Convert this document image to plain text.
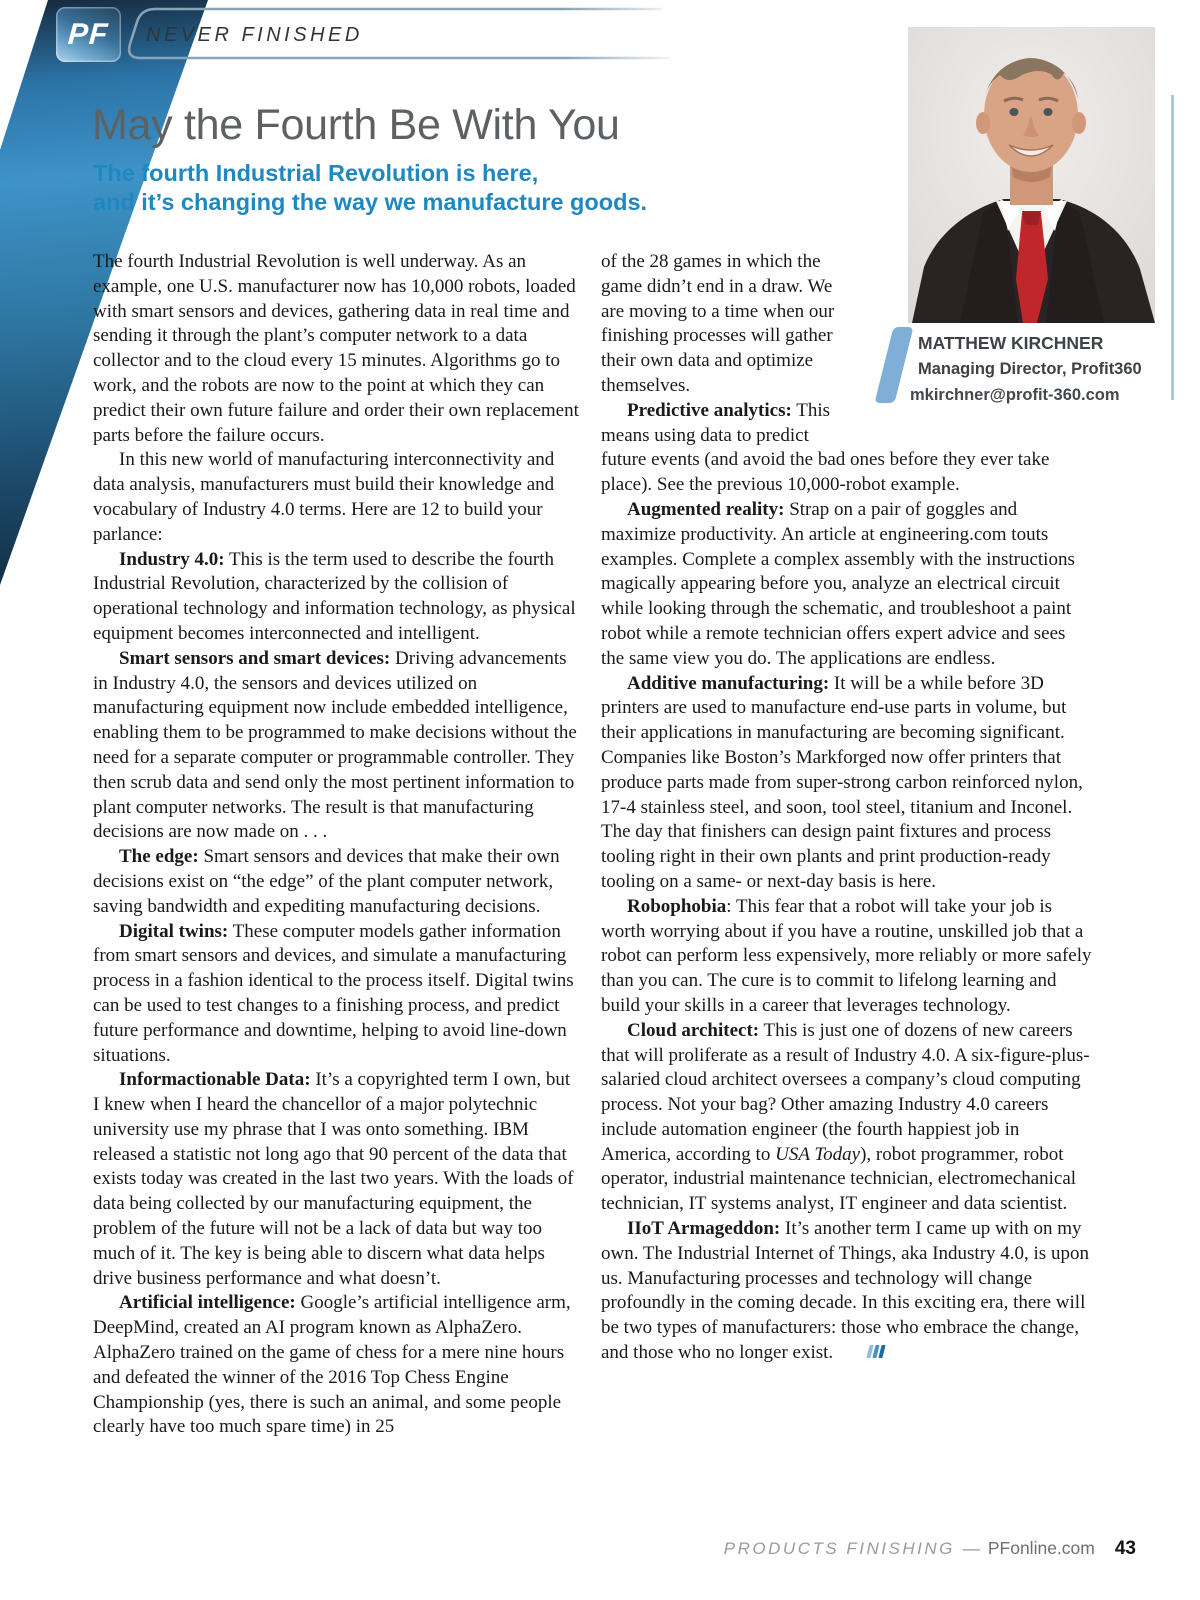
PF NEVER FINISHED
May the Fourth Be With You
The fourth Industrial Revolution is here,
and it’s changing the way we manufacture goods.
MATTHEW KIRCHNER
Managing Director, Profit360
mkirchner@profit-360.com

The fourth Industrial Revolution is well underway. As an example, one U.S. manufacturer now has 10,000 robots, loaded with smart sensors and devices, gathering data in real time and sending it through the plant’s computer network to a data collector and to the cloud every 15 minutes. Algorithms go to work, and the robots are now to the point at which they can predict their own future failure and order their own replacement parts before the failure occurs.

In this new world of manufacturing interconnectivity and data analysis, manufacturers must build their knowledge and vocabulary of Industry 4.0 terms. Here are 12 to build your parlance:

Industry 4.0: This is the term used to describe the fourth Industrial Revolution, characterized by the collision of operational technology and information technology, as physical equipment becomes interconnected and intelligent.

Smart sensors and smart devices: Driving advancements in Industry 4.0, the sensors and devices utilized on manufacturing equipment now include embedded intelligence, enabling them to be programmed to make decisions without the need for a separate computer or programmable controller. They then scrub data and send only the most pertinent information to plant computer networks. The result is that manufacturing decisions are now made on . . .

The edge: Smart sensors and devices that make their own decisions exist on “the edge” of the plant computer network, saving bandwidth and expediting manufacturing decisions.

Digital twins: These computer models gather information from smart sensors and devices, and simulate a manufacturing process in a fashion identical to the process itself. Digital twins can be used to test changes to a finishing process, and predict future performance and downtime, helping to avoid line-down situations.

Informactionable Data: It’s a copyrighted term I own, but I knew when I heard the chancellor of a major polytechnic university use my phrase that I was onto something. IBM released a statistic not long ago that 90 percent of the data that exists today was created in the last two years. With the loads of data being collected by our manufacturing equipment, the problem of the future will not be a lack of data but way too much of it. The key is being able to discern what data helps drive business performance and what doesn’t.

Artificial intelligence: Google’s artificial intelligence arm, DeepMind, created an AI program known as AlphaZero. AlphaZero trained on the game of chess for a mere nine hours and defeated the winner of the 2016 Top Chess Engine Championship (yes, there is such an animal, and some people clearly have too much spare time) in 25

of the 28 games in which the game didn’t end in a draw. We are moving to a time when our finishing processes will gather their own data and optimize themselves.

Predictive analytics: This means using data to predict future events (and avoid the bad ones before they ever take place). See the previous 10,000-robot example.

Augmented reality: Strap on a pair of goggles and maximize productivity. An article at engineering.com touts examples. Complete a complex assembly with the instructions magically appearing before you, analyze an electrical circuit while looking through the schematic, and troubleshoot a paint robot while a remote technician offers expert advice and sees the same view you do. The applications are endless.

Additive manufacturing: It will be a while before 3D printers are used to manufacture end-use parts in volume, but their applications in manufacturing are becoming significant. Companies like Boston’s Markforged now offer printers that produce parts made from super-strong carbon reinforced nylon, 17-4 stainless steel, and soon, tool steel, titanium and Inconel. The day that finishers can design paint fixtures and process tooling right in their own plants and print production-ready tooling on a same- or next-day basis is here.

Robophobia: This fear that a robot will take your job is worth worrying about if you have a routine, unskilled job that a robot can perform less expensively, more reliably or more safely than you can. The cure is to commit to lifelong learning and build your skills in a career that leverages technology.

Cloud architect: This is just one of dozens of new careers that will proliferate as a result of Industry 4.0. A six-figure-plus-salaried cloud architect oversees a company’s cloud computing process. Not your bag? Other amazing Industry 4.0 careers include automation engineer (the fourth happiest job in America, according to USA Today), robot programmer, robot operator, industrial maintenance technician, electromechanical technician, IT systems analyst, IT engineer and data scientist.

IIoT Armageddon: It’s another term I came up with on my own. The Industrial Internet of Things, aka Industry 4.0, is upon us. Manufacturing processes and technology will change profoundly in the coming decade. In this exciting era, there will be two types of manufacturers: those who embrace the change, and those who no longer exist.

PRODUCTS FINISHING — PFonline.com 43
